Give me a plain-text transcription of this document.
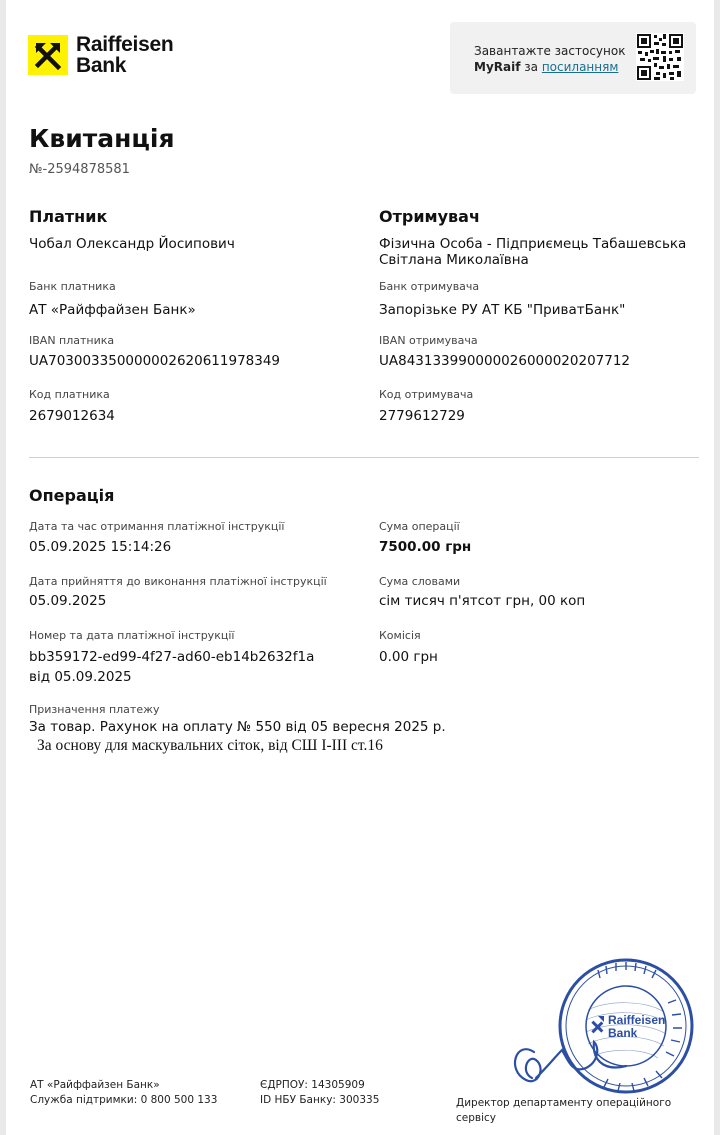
Raiffeisen
Bank
Завантажте застосунок
MyRaif за посиланням
Квитанція
№-2594878581
Платник
Чобал Олександр Йосипович
Банк платника
АТ «Райффайзен Банк»
IBAN платника
UA703003350000002620611978349
Код платника
2679012634
Отримувач
Фізична Особа - Підприємець Табашевська
Світлана Миколаївна
Банк отримувача
Запорізьке РУ АТ КБ "ПриватБанк"
IBAN отримувача
UA843133990000026000020207712
Код отримувача
2779612729
Операція
Дата та час отримання платіжної інструкції
05.09.2025 15:14:26
Дата прийняття до виконання платіжної інструкції
05.09.2025
Номер та дата платіжної інструкції
bb359172-ed99-4f27-ad60-eb14b2632f1a
від 05.09.2025
Сума операції
7500.00 грн
Сума словами
сім тисяч п'ятсот грн, 00 коп
Комісія
0.00 грн
Призначення платежу
За товар. Рахунок на оплату № 550 від 05 вересня 2025 р.
За основу для маскувальних сіток, від СШ І-ІІІ ст.16
АТ «Райффайзен Банк»
Служба підтримки: 0 800 500 133
ЄДРПОУ: 14305909
ID НБУ Банку: 300335
Raiffeisen
Bank
Директор департаменту операційного сервісу
